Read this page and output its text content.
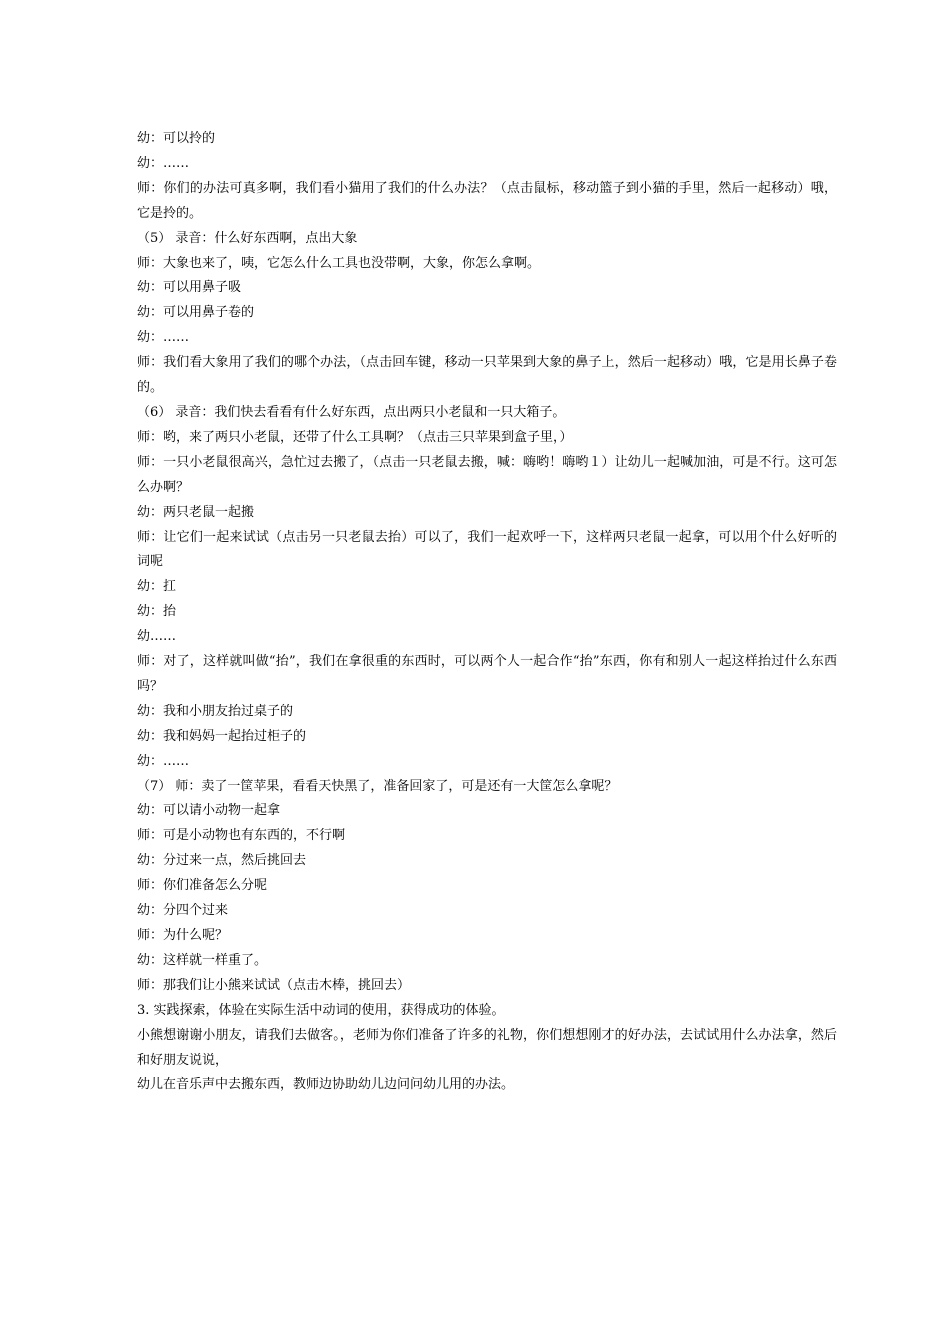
幼：可以拎的

幼：……

师：你们的办法可真多啊，我们看小猫用了我们的什么办法？（点击鼠标，移动篮子到小猫的手里，然后一起移动）哦，它是拎的。

（5） 录音：什么好东西啊，点出大象

师：大象也来了，咦，它怎么什么工具也没带啊，大象，你怎么拿啊。

幼：可以用鼻子吸

幼：可以用鼻子卷的

幼：……

师：我们看大象用了我们的哪个办法，（点击回车键，移动一只苹果到大象的鼻子上，然后一起移动）哦，它是用长鼻子卷的。

（6） 录音：我们快去看看有什么好东西，点出两只小老鼠和一只大箱子。

师：哟，来了两只小老鼠，还带了什么工具啊？（点击三只苹果到盒子里，）

师：一只小老鼠很高兴，急忙过去搬了，（点击一只老鼠去搬，喊：嗨哟！嗨哟１）让幼儿一起喊加油，可是不行。这可怎么办啊？

幼：两只老鼠一起搬

师：让它们一起来试试（点击另一只老鼠去抬）可以了，我们一起欢呼一下，这样两只老鼠一起拿，可以用个什么好听的词呢

幼：扛

幼：抬

幼……

师：对了，这样就叫做“抬”，我们在拿很重的东西时，可以两个人一起合作“抬”东西，你有和别人一起这样抬过什么东西吗？

幼：我和小朋友抬过桌子的

幼：我和妈妈一起抬过柜子的

幼：……

（7） 师：卖了一筐苹果，看看天快黑了，准备回家了，可是还有一大筐怎么拿呢？

幼：可以请小动物一起拿

师：可是小动物也有东西的，不行啊

幼：分过来一点，然后挑回去

师：你们准备怎么分呢

幼：分四个过来

师：为什么呢？

幼：这样就一样重了。

师：那我们让小熊来试试（点击木棒，挑回去）

3. 实践探索，体验在实际生活中动词的使用，获得成功的体验。

小熊想谢谢小朋友，请我们去做客。，老师为你们准备了许多的礼物，你们想想刚才的好办法，去试试用什么办法拿，然后和好朋友说说，

幼儿在音乐声中去搬东西，教师边协助幼儿边问问幼儿用的办法。
